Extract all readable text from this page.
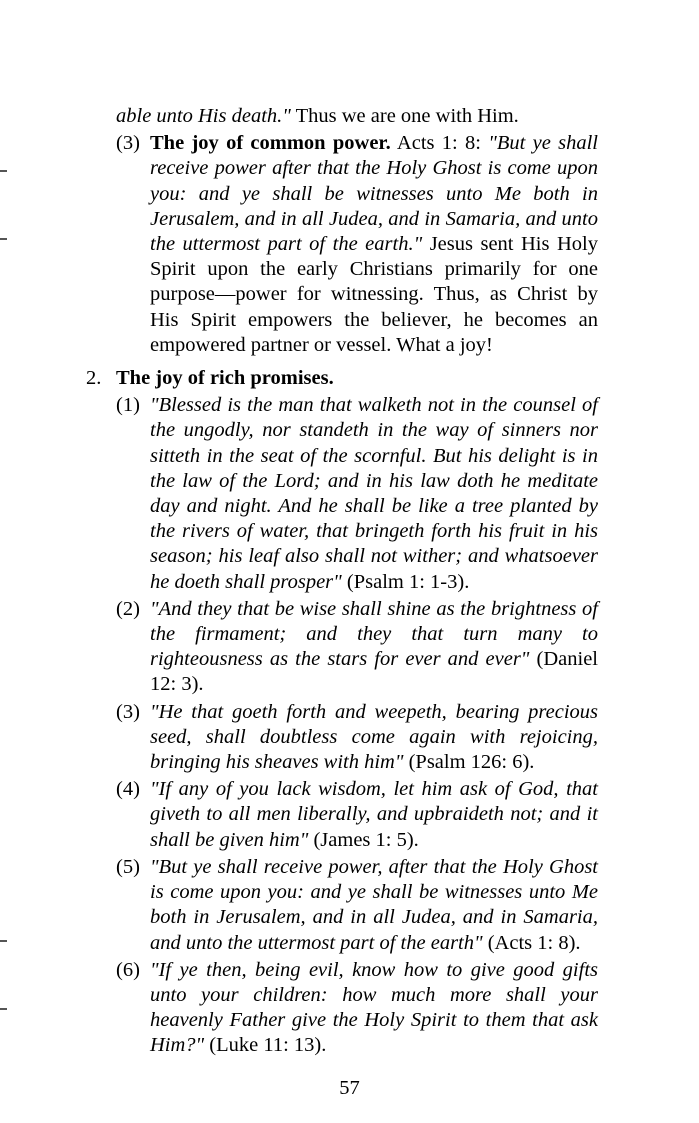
able unto His death." Thus we are one with Him.
(3) The joy of common power. Acts 1: 8: "But ye shall receive power after that the Holy Ghost is come upon you: and ye shall be witnesses unto Me both in Jerusalem, and in all Judea, and in Samaria, and unto the uttermost part of the earth." Jesus sent His Holy Spirit upon the early Christians primarily for one purpose—power for witnessing. Thus, as Christ by His Spirit empowers the believer, he becomes an empowered partner or vessel. What a joy!
2. The joy of rich promises.
(1) "Blessed is the man that walketh not in the counsel of the ungodly, nor standeth in the way of sinners nor sitteth in the seat of the scornful. But his delight is in the law of the Lord; and in his law doth he meditate day and night. And he shall be like a tree planted by the rivers of water, that bringeth forth his fruit in his season; his leaf also shall not wither; and whatsoever he doeth shall prosper" (Psalm 1: 1-3).
(2) "And they that be wise shall shine as the brightness of the firmament; and they that turn many to righteousness as the stars for ever and ever" (Daniel 12: 3).
(3) "He that goeth forth and weepeth, bearing precious seed, shall doubtless come again with rejoicing, bringing his sheaves with him" (Psalm 126: 6).
(4) "If any of you lack wisdom, let him ask of God, that giveth to all men liberally, and upbraideth not; and it shall be given him" (James 1: 5).
(5) "But ye shall receive power, after that the Holy Ghost is come upon you: and ye shall be witnesses unto Me both in Jerusalem, and in all Judea, and in Samaria, and unto the uttermost part of the earth" (Acts 1: 8).
(6) "If ye then, being evil, know how to give good gifts unto your children: how much more shall your heavenly Father give the Holy Spirit to them that ask Him?" (Luke 11: 13).
57
